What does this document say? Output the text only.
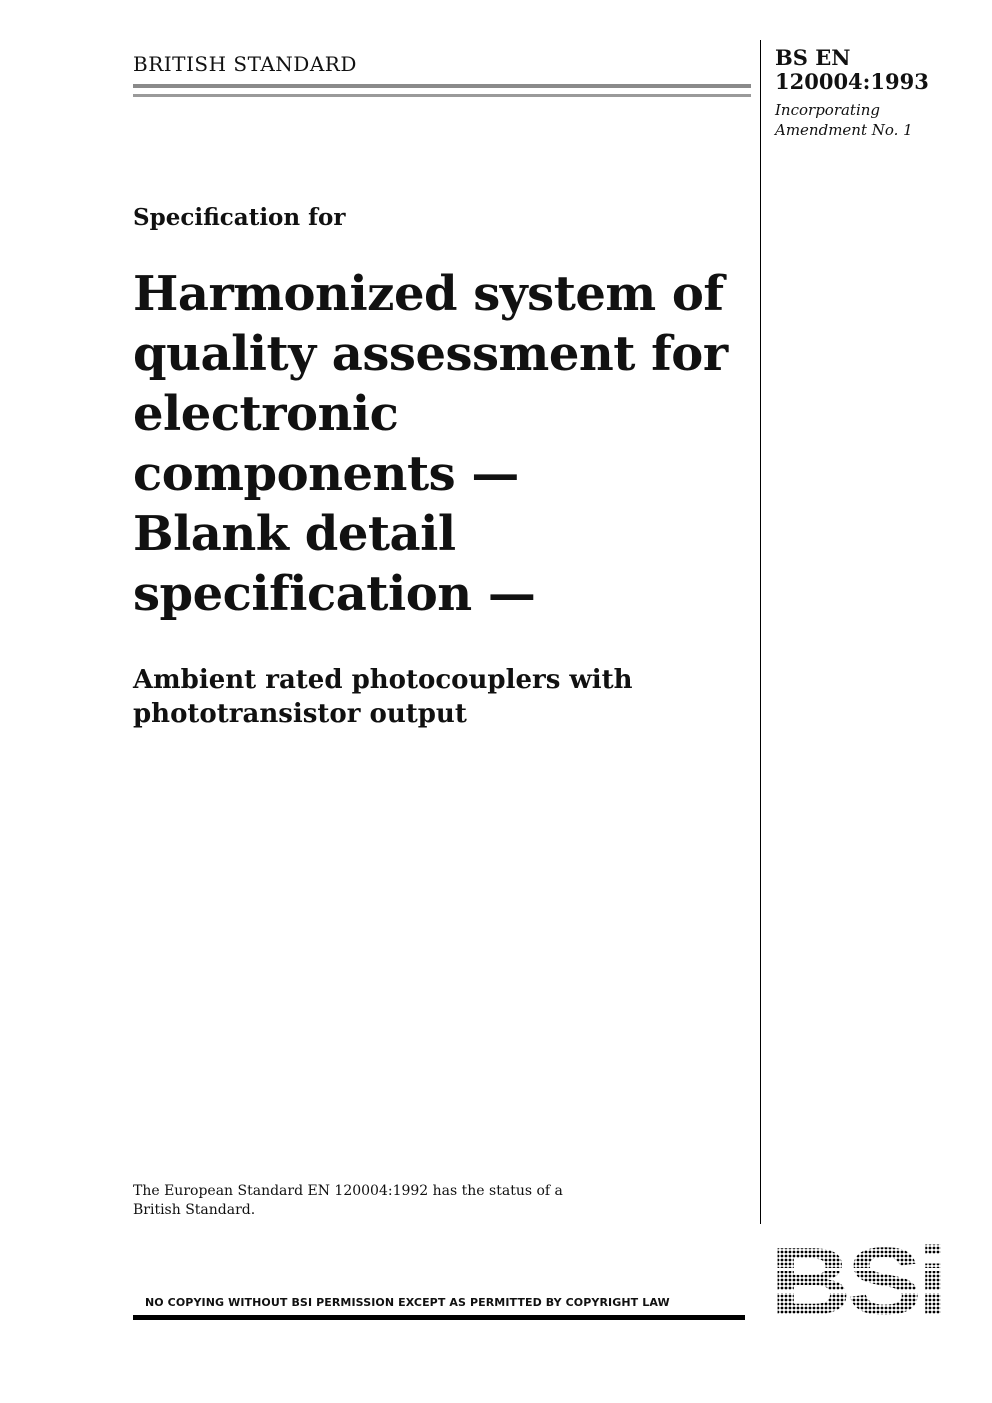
BRITISH STANDARD	BS EN
120004:1993
Incorporating
Amendment No. 1
Specification for
Harmonized system of
quality assessment for
electronic
components —
Blank detail
specification —
Ambient rated photocouplers with
phototransistor output
The European Standard EN 120004:1992 has the status of a
British Standard.
NO COPYING WITHOUT BSI PERMISSION EXCEPT AS PERMITTED BY COPYRIGHT LAW
